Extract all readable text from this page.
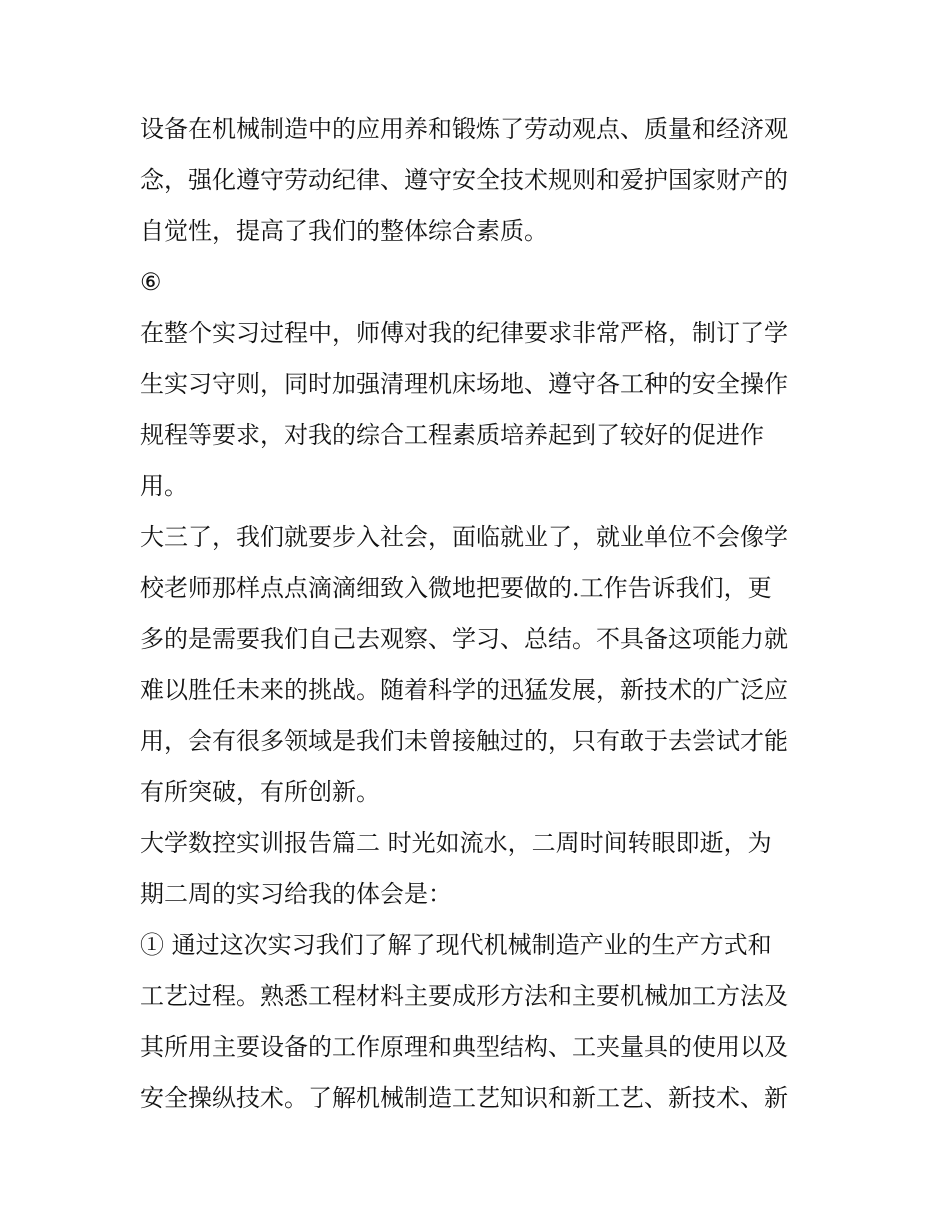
设备在机械制造中的应用养和锻炼了劳动观点、质量和经济观
念，强化遵守劳动纪律、遵守安全技术规则和爱护国家财产的
自觉性，提高了我们的整体综合素质。
⑥
在整个实习过程中，师傅对我的纪律要求非常严格，制订了学
生实习守则，同时加强清理机床场地、遵守各工种的安全操作
规程等要求，对我的综合工程素质培养起到了较好的促进作
用。
大三了，我们就要步入社会，面临就业了，就业单位不会像学
校老师那样点点滴滴细致入微地把要做的.工作告诉我们，更
多的是需要我们自己去观察、学习、总结。不具备这项能力就
难以胜任未来的挑战。随着科学的迅猛发展，新技术的广泛应
用，会有很多领域是我们未曾接触过的，只有敢于去尝试才能
有所突破，有所创新。
大学数控实训报告篇二 时光如流水，二周时间转眼即逝，为
期二周的实习给我的体会是：
① 通过这次实习我们了解了现代机械制造产业的生产方式和
工艺过程。熟悉工程材料主要成形方法和主要机械加工方法及
其所用主要设备的工作原理和典型结构、工夹量具的使用以及
安全操纵技术。了解机械制造工艺知识和新工艺、新技术、新
